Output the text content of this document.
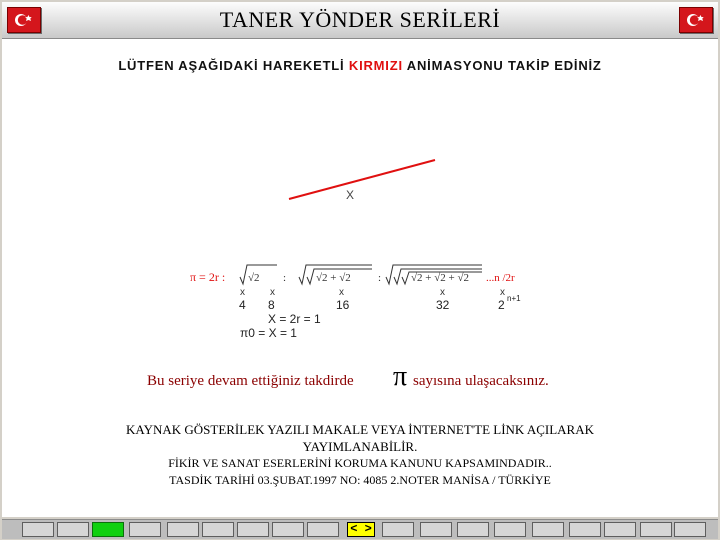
TANER YÖNDER SERİLERİ
LÜTFEN AŞAĞIDAKİ HAREKETLİ KIRMIZI ANİMASYONU TAKİP EDİNİZ
X
π = 2r : √2 :	√2 + √2 :	√2 + √2 + √2 ...n /2r
x	x	x	x	x
4 8	16	32	2 n+1
X = 2r = 1
π0 = X = 1
Bu seriye devam ettiğiniz takdirde π sayısına ulaşacaksınız.
KAYNAK GÖSTERİLEK YAZILI MAKALE VEYA İNTERNET'TE LİNK AÇILARAK
YAYIMLANABİLİR.
FİKİR VE SANAT ESERLERİNİ KORUMA KANUNU KAPSAMINDADIR..
TASDİK TARİHİ 03.ŞUBAT.1997 NO: 4085 2.NOTER MANİSA / TÜRKİYE
< >
